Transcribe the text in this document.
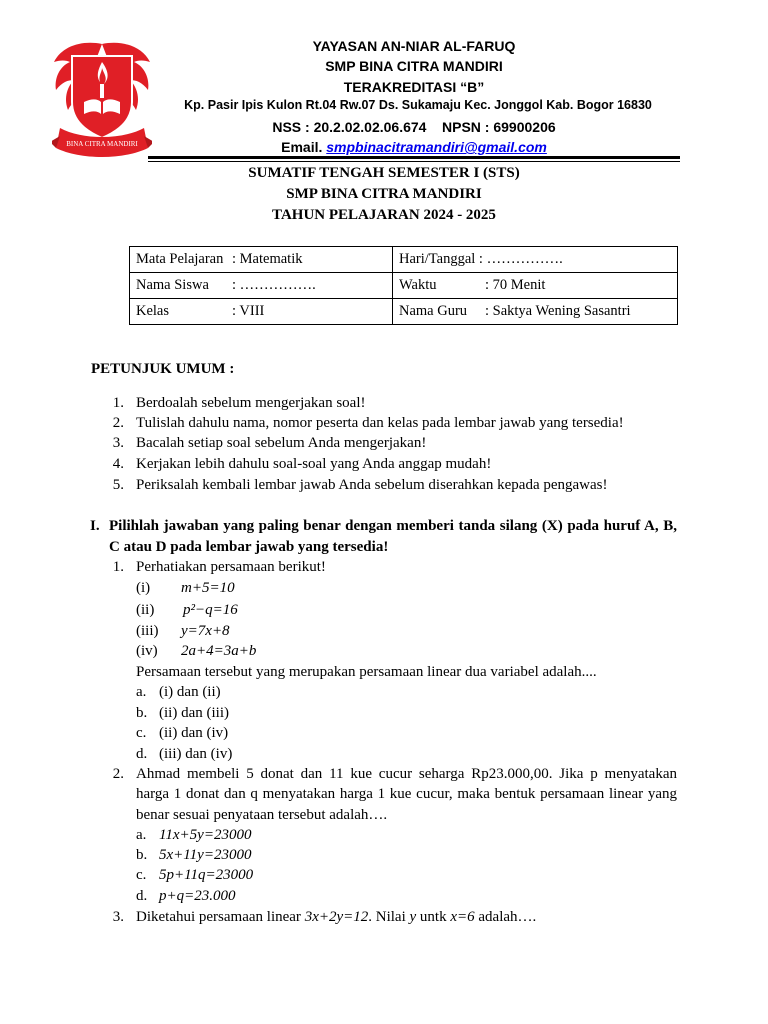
BINA CITRA MANDIRI
YAYASAN AN-NIAR AL-FARUQ
SMP BINA CITRA MANDIRI
TERAKREDITASI “B”
Kp. Pasir Ipis Kulon Rt.04 Rw.07 Ds. Sukamaju Kec. Jonggol Kab. Bogor 16830
NSS : 20.2.02.02.06.674 NPSN : 69900206
Email. smpbinacitramandiri@gmail.com
SUMATIF TENGAH SEMESTER I (STS)
SMP BINA CITRA MANDIRI
TAHUN PELAJARAN 2024 - 2025
Mata Pelajaran : Matematik	Hari/Tanggal : …………….
Nama Siswa : …………….	Waktu : 70 Menit
Kelas : VIII	Nama Guru : Saktya Wening Sasantri
PETUNJUK UMUM :
1. Berdoalah sebelum mengerjakan soal!
2. Tulislah dahulu nama, nomor peserta dan kelas pada lembar jawab yang tersedia!
3. Bacalah setiap soal sebelum Anda mengerjakan!
4. Kerjakan lebih dahulu soal-soal yang Anda anggap mudah!
5. Periksalah kembali lembar jawab Anda sebelum diserahkan kepada pengawas!
I. Pilihlah jawaban yang paling benar dengan memberi tanda silang (X) pada huruf A, B,
C atau D pada lembar jawab yang tersedia!
1. Perhatiakan persamaan berikut!
(i) m+5=10
(ii) p²−q=16
(iii) y=7x+8
(iv) 2a+4=3a+b
Persamaan tersebut yang merupakan persamaan linear dua variabel adalah....
a. (i) dan (ii)
b. (ii) dan (iii)
c. (ii) dan (iv)
d. (iii) dan (iv)
2. Ahmad membeli 5 donat dan 11 kue cucur seharga Rp23.000,00. Jika p menyatakan
harga 1 donat dan q menyatakan harga 1 kue cucur, maka bentuk persamaan linear yang
benar sesuai penyataan tersebut adalah….
a. 11x+5y=23000
b. 5x+11y=23000
c. 5p+11q=23000
d. p+q=23.000
3. Diketahui persamaan linear 3x+2y=12. Nilai y untk x=6 adalah….
